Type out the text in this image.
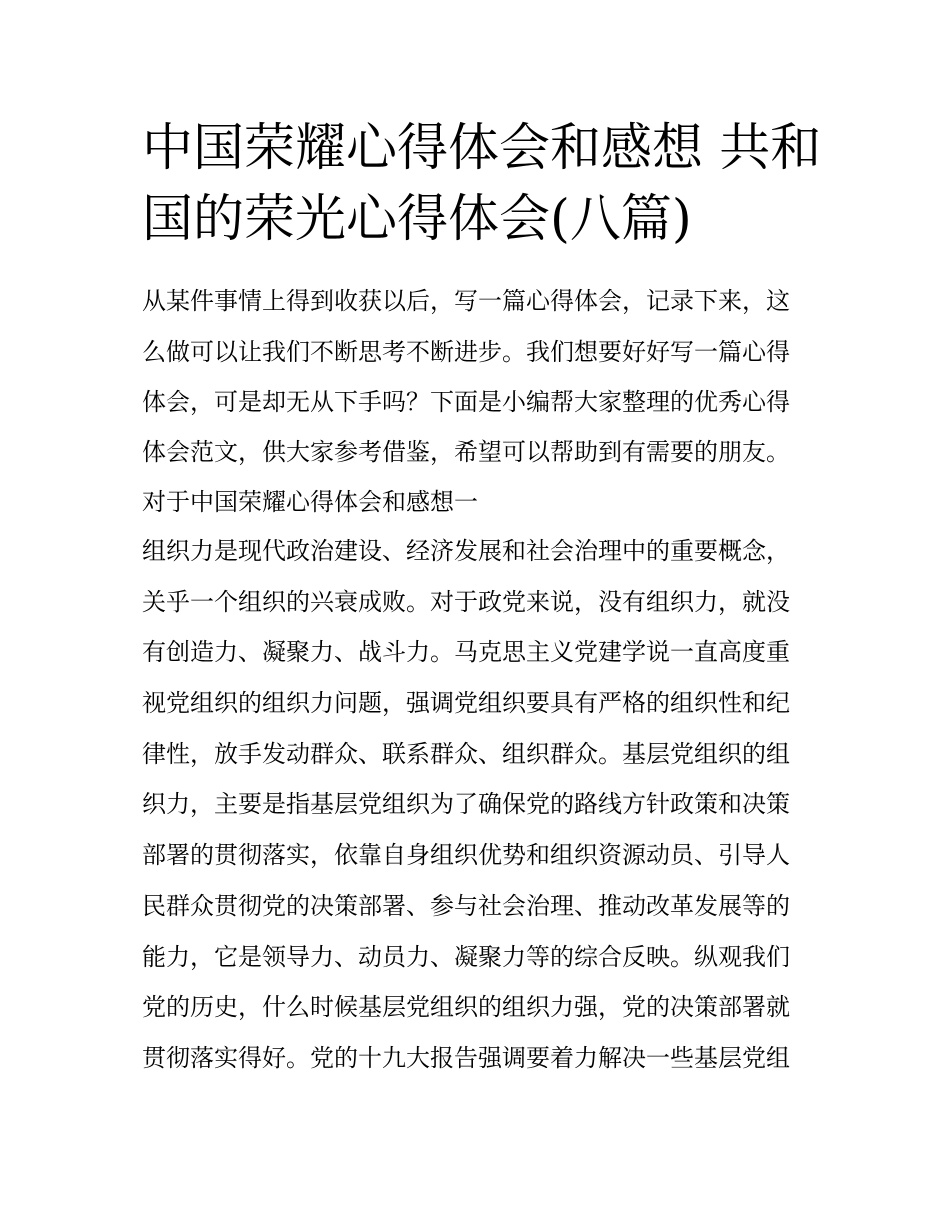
中国荣耀心得体会和感想 共和
国的荣光心得体会(八篇)

从某件事情上得到收获以后，写一篇心得体会，记录下来，这

么做可以让我们不断思考不断进步。我们想要好好写一篇心得

体会，可是却无从下手吗？下面是小编帮大家整理的优秀心得

体会范文，供大家参考借鉴，希望可以帮助到有需要的朋友。

对于中国荣耀心得体会和感想一

组织力是现代政治建设、经济发展和社会治理中的重要概念，

关乎一个组织的兴衰成败。对于政党来说，没有组织力，就没

有创造力、凝聚力、战斗力。马克思主义党建学说一直高度重

视党组织的组织力问题，强调党组织要具有严格的组织性和纪

律性，放手发动群众、联系群众、组织群众。基层党组织的组

织力，主要是指基层党组织为了确保党的路线方针政策和决策

部署的贯彻落实，依靠自身组织优势和组织资源动员、引导人

民群众贯彻党的决策部署、参与社会治理、推动改革发展等的

能力，它是领导力、动员力、凝聚力等的综合反映。纵观我们

党的历史，什么时候基层党组织的组织力强，党的决策部署就

贯彻落实得好。党的十九大报告强调要着力解决一些基层党组
